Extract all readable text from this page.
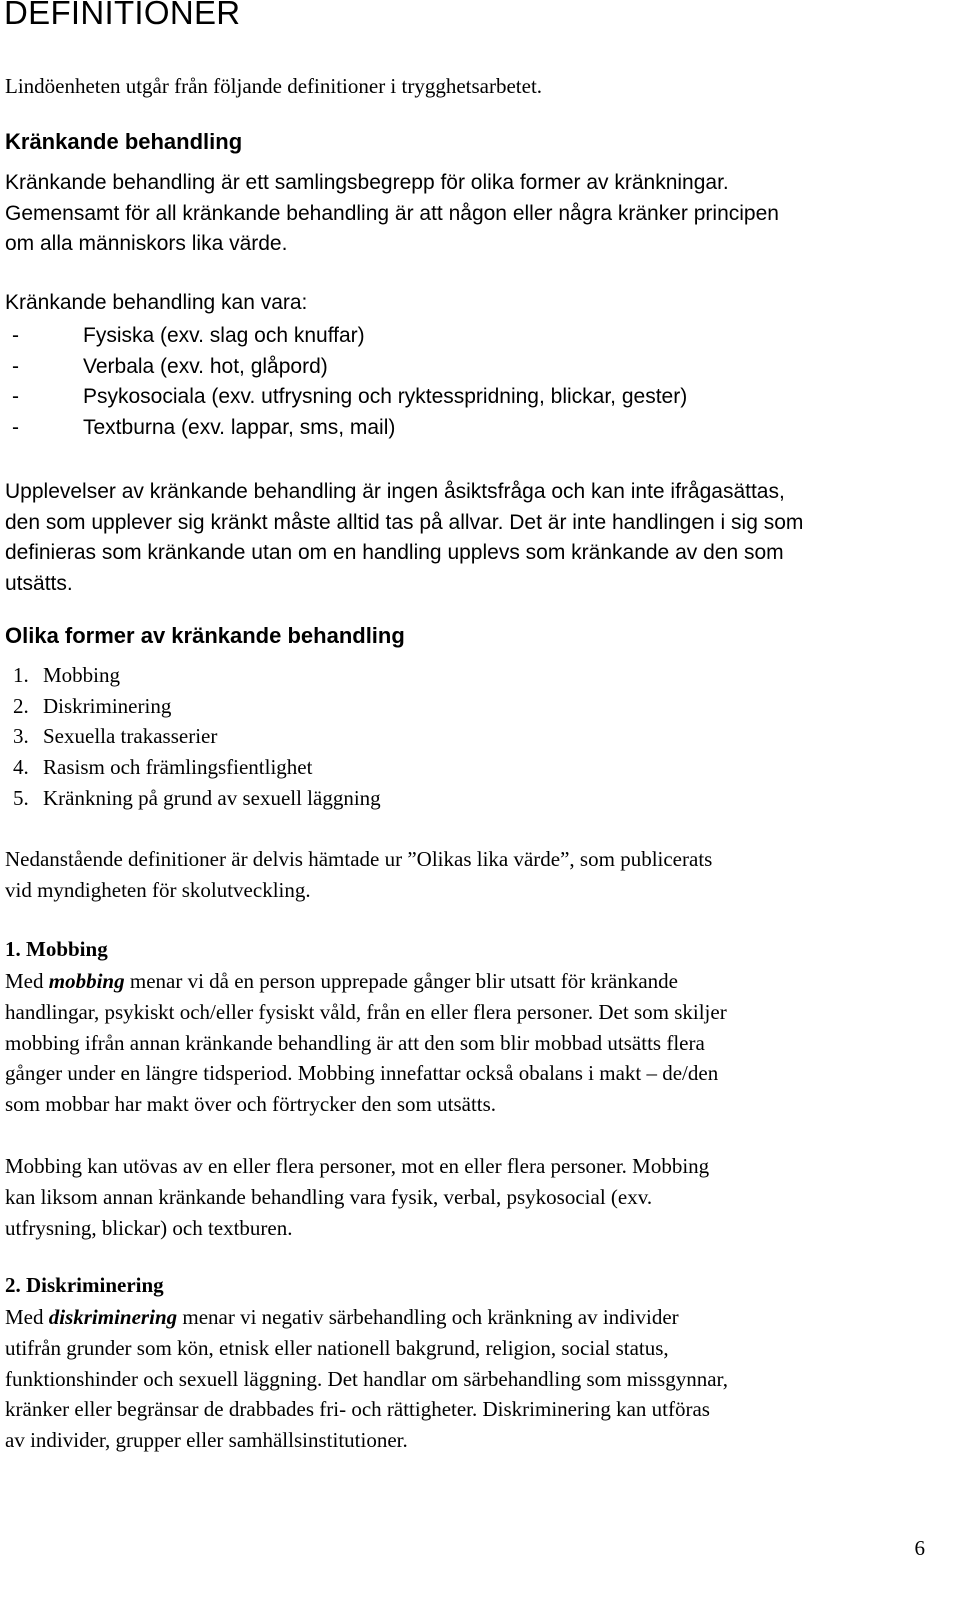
DEFINITIONER
Lindöenheten utgår från följande definitioner i trygghetsarbetet.
Kränkande behandling
Kränkande behandling är ett samlingsbegrepp för olika former av kränkningar.
Gemensamt för all kränkande behandling är att någon eller några kränker principen
om alla människors lika värde.
Kränkande behandling kan vara:
-	Fysiska (exv. slag och knuffar)
-	Verbala (exv. hot, glåpord)
-	Psykosociala (exv. utfrysning och ryktesspridning, blickar, gester)
-	Textburna (exv. lappar, sms, mail)
Upplevelser av kränkande behandling är ingen åsiktsfråga och kan inte ifrågasättas,
den som upplever sig kränkt måste alltid tas på allvar. Det är inte handlingen i sig som
definieras som kränkande utan om en handling upplevs som kränkande av den som
utsätts.
Olika former av kränkande behandling
1. Mobbing
2. Diskriminering
3. Sexuella trakasserier
4. Rasism och främlingsfientlighet
5. Kränkning på grund av sexuell läggning
Nedanstående definitioner är delvis hämtade ur ”Olikas lika värde”, som publicerats
vid myndigheten för skolutveckling.
1. Mobbing
Med mobbing menar vi då en person upprepade gånger blir utsatt för kränkande
handlingar, psykiskt och/eller fysiskt våld, från en eller flera personer. Det som skiljer
mobbing ifrån annan kränkande behandling är att den som blir mobbad utsätts flera
gånger under en längre tidsperiod. Mobbing innefattar också obalans i makt – de/den
som mobbar har makt över och förtrycker den som utsätts.
Mobbing kan utövas av en eller flera personer, mot en eller flera personer. Mobbing
kan liksom annan kränkande behandling vara fysik, verbal, psykosocial (exv.
utfrysning, blickar) och textburen.
2. Diskriminering
Med diskriminering menar vi negativ särbehandling och kränkning av individer
utifrån grunder som kön, etnisk eller nationell bakgrund, religion, social status,
funktionshinder och sexuell läggning. Det handlar om särbehandling som missgynnar,
kränker eller begränsar de drabbades fri- och rättigheter. Diskriminering kan utföras
av individer, grupper eller samhällsinstitutioner.
6
